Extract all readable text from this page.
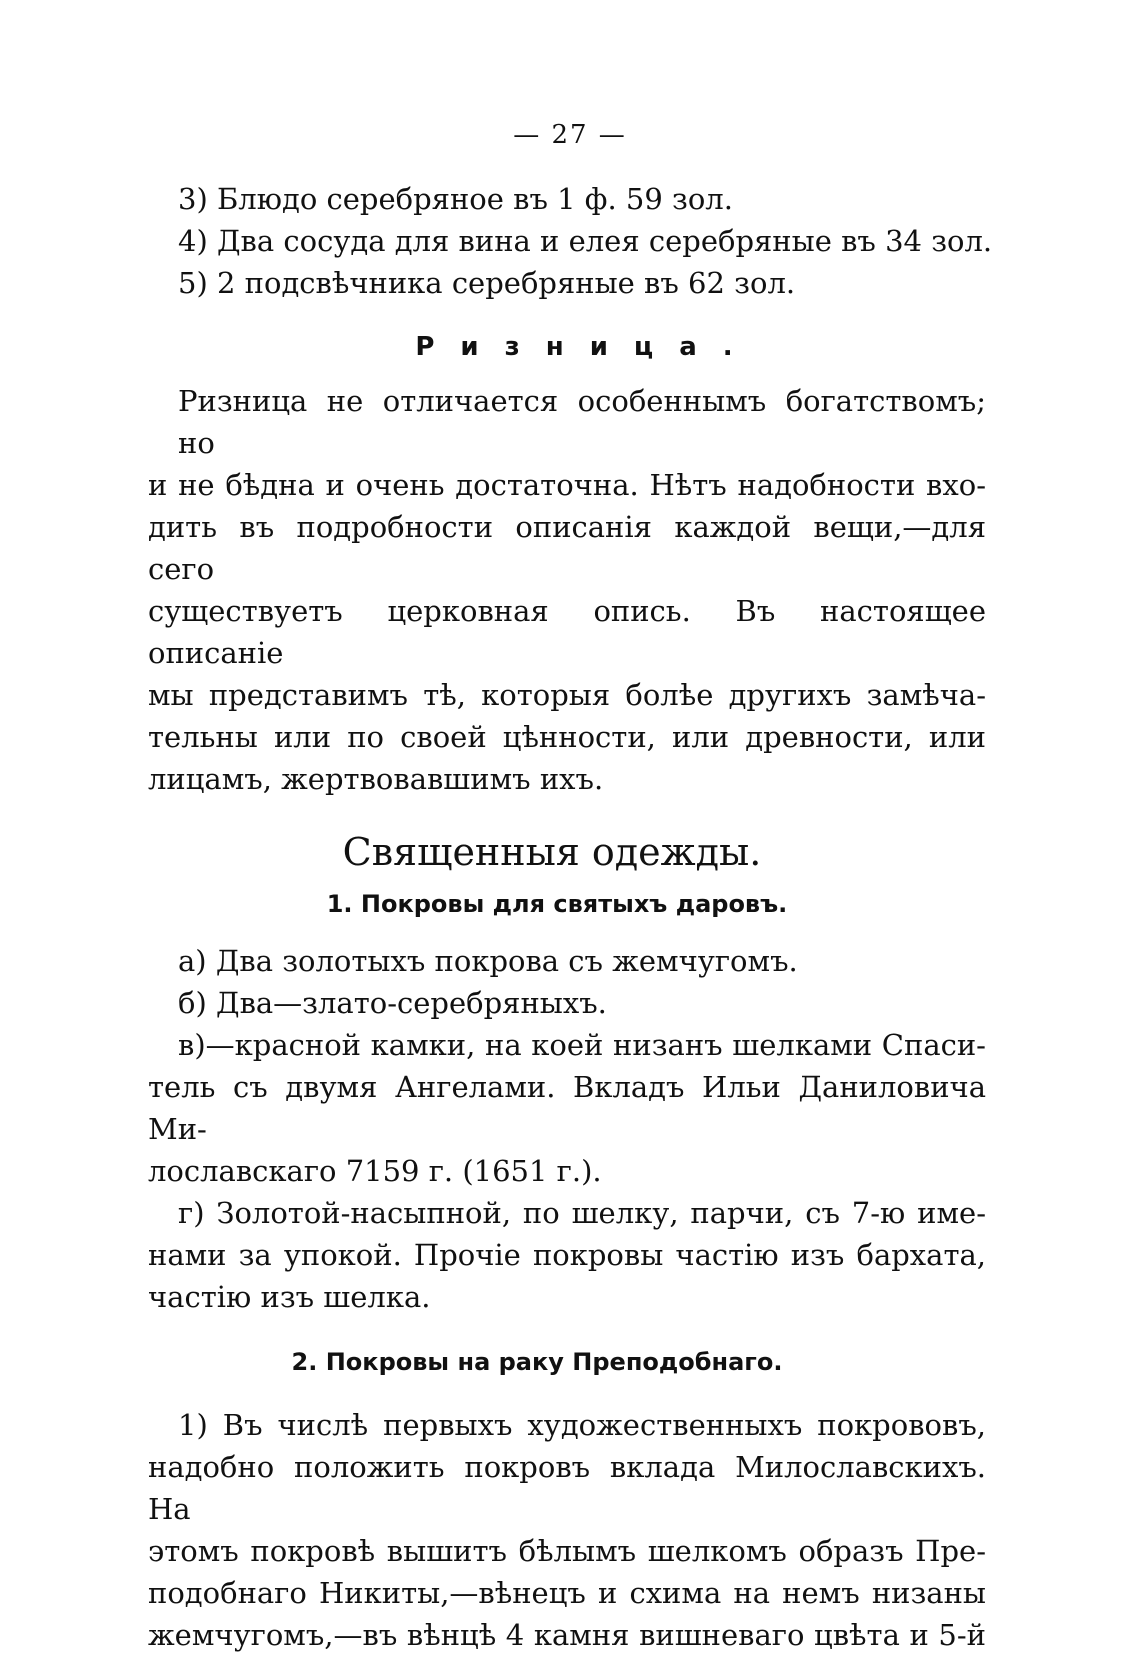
— 27 —
3) Блюдо серебряное въ 1 ф. 59 зол.
4) Два сосуда для вина и елея серебряные въ 34 зол.
5) 2 подсвѣчника серебряные въ 62 зол.
Ризница.
Ризница не отличается особеннымъ богатствомъ; но
и не бѣдна и очень достаточна. Нѣтъ надобности вхо-
дить въ подробности описанія каждой вещи,—для сего
существуетъ церковная опись. Въ настоящее описаніе
мы представимъ тѣ, которыя болѣе другихъ замѣча-
тельны или по своей цѣнности, или древности, или
лицамъ, жертвовавшимъ ихъ.
Священныя одежды.
1. Покровы для святыхъ даровъ.
а) Два золотыхъ покрова съ жемчугомъ.
б) Два—злато-серебряныхъ.
в)—красной камки, на коей низанъ шелками Спаси-
тель съ двумя Ангелами. Вкладъ Ильи Даниловича Ми-
лославскаго 7159 г. (1651 г.).
г) Золотой-насыпной, по шелку, парчи, съ 7-ю име-
нами за упокой. Прочіе покровы частію изъ бархата,
частію изъ шелка.
2. Покровы на раку Преподобнаго.
1) Въ числѣ первыхъ художественныхъ покрововъ,
надобно положить покровъ вклада Милославскихъ. На
этомъ покровѣ вышитъ бѣлымъ шелкомъ образъ Пре-
подобнаго Никиты,—вѣнецъ и схима на немъ низаны
жемчугомъ,—въ вѣнцѣ 4 камня вишневаго цвѣта и 5-й
